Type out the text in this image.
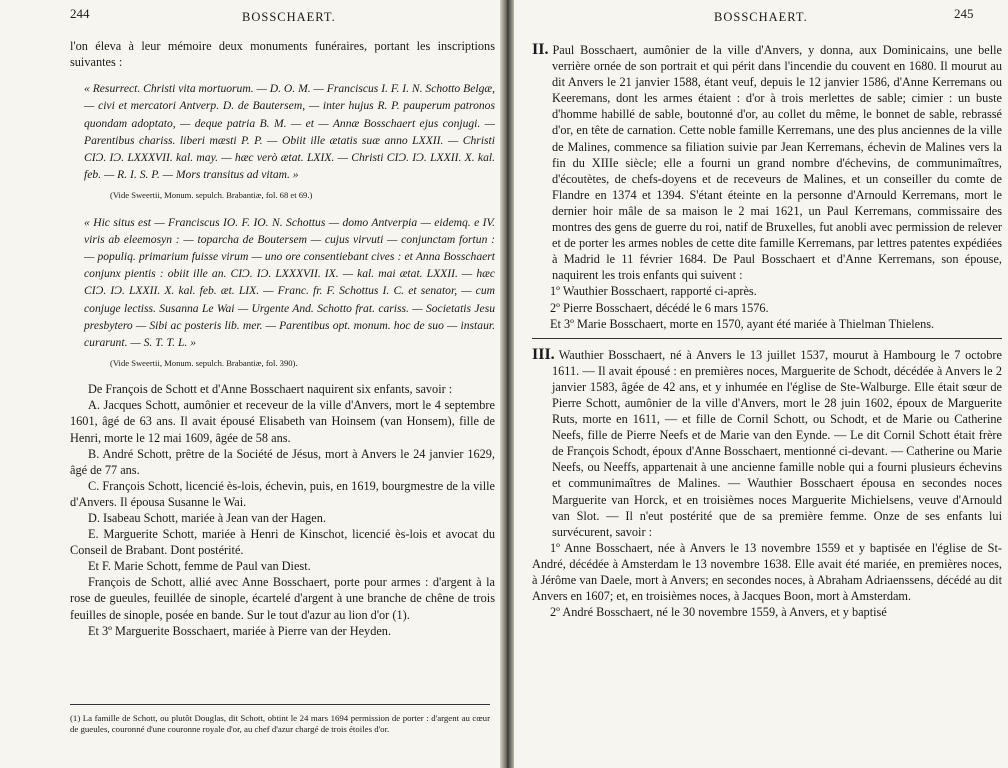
244	BOSSCHAERT.

l'on éleva à leur mémoire deux monuments funéraires, portant les inscriptions suivantes :

« Resurrect. Christi vita mortuorum. — D. O. M. — Franciscus I. F. I. N. Schotto Belgæ, — civi et mercatori Antverp. D. de Bautersem, — inter hujus R. P. pauperum patronos quondam adoptato, — deque patria B. M. — et — Annæ Bosschaert ejus conjugi. — Parentibus chariss. liberi mæsti P. P. — Obiit ille ætatis suæ anno LXXII. — Christi CIƆ. IƆ. LXXXVII. kal. may. — hæc verò ætat. LXIX. — Christi CIƆ. IƆ. LXXII. X. kal. feb. — R. I. S. P. — Mors transitus ad vitam. »

(Vide Sweertii, Monum. sepulch. Brabantiæ, fol. 68 et 69.)

« Hic situs est — Franciscus IO. F. IO. N. Schottus — domo Antverpia — eidemq. e IV. viris ab eleemosyn : — toparcha de Boutersem — cujus virvuti — conjunctam fortun : — populiq. primarium fuisse virum — uno ore consentiebant cives : et Anna Bosschaert conjunx pientis : obiit ille an. CIƆ. IƆ. LXXXVII. IX. — kal. mai ætat. LXXII. — hæc CIƆ. IƆ. LXXII. X. kal. feb. æt. LIX. — Franc. fr. F. Schottus I. C. et senator, — cum conjuge lectiss. Susanna Le Wai — Urgente And. Schotto frat. cariss. — Societatis Jesu presbytero — Sibi ac posteris lib. mer. — Parentibus opt. monum. hoc de suo — instaur. curarunt. — S. T. T. L. »

(Vide Sweertii, Monum. sepulch. Brabantiæ, fol. 390).

De François de Schott et d'Anne Bosschaert naquirent six enfants, savoir :

A. Jacques Schott, aumônier et receveur de la ville d'Anvers, mort le 4 septembre 1601, âgé de 63 ans. Il avait épousé Elisabeth van Hoinsem (van Honsem), fille de Henri, morte le 12 mai 1609, âgée de 58 ans.

B. André Schott, prêtre de la Société de Jésus, mort à Anvers le 24 janvier 1629, âgé de 77 ans.

C. François Schott, licencié ès-lois, échevin, puis, en 1619, bourgmestre de la ville d'Anvers. Il épousa Susanne le Wai.

D. Isabeau Schott, mariée à Jean van der Hagen.

E. Marguerite Schott, mariée à Henri de Kinschot, licencié ès-lois et avocat du Conseil de Brabant. Dont postérité.

Et F. Marie Schott, femme de Paul van Diest.

François de Schott, allié avec Anne Bosschaert, porte pour armes : d'argent à la rose de gueules, feuillée de sinople, écartelé d'argent à une branche de chêne de trois feuilles de sinople, posée en bande. Sur le tout d'azur au lion d'or (1).

Et 3º Marguerite Bosschaert, mariée à Pierre van der Heyden.

(1) La famille de Schott, ou plutôt Douglas, dit Schott, obtint le 24 mars 1694 permission de porter : d'argent au cœur de gueules, couronné d'une couronne royale d'or, au chef d'azur chargé de trois étoiles d'or.

BOSSCHAERT.	245

II. Paul Bosschaert, aumônier de la ville d'Anvers, y donna, aux Dominicains, une belle verrière ornée de son portrait et qui périt dans l'incendie du couvent en 1680. Il mourut au dit Anvers le 21 janvier 1588, étant veuf, depuis le 12 janvier 1586, d'Anne Kerremans ou Keeremans, dont les armes étaient : d'or à trois merlettes de sable; cimier : un buste d'homme habillé de sable, boutonné d'or, au collet du même, le bonnet de sable, rebrassé d'or, en tête de carnation. Cette noble famille Kerremans, une des plus anciennes de la ville de Malines, commence sa filiation suivie par Jean Kerremans, échevin de Malines vers la fin du XIIIe siècle; elle a fourni un grand nombre d'échevins, de communimaîtres, d'écoutètes, de chefs-doyens et de receveurs de Malines, et un conseiller du comte de Flandre en 1374 et 1394. S'étant éteinte en la personne d'Arnould Kerremans, mort le dernier hoir mâle de sa maison le 2 mai 1621, un Paul Kerremans, commissaire des montres des gens de guerre du roi, natif de Bruxelles, fut anobli avec permission de relever et de porter les armes nobles de cette dite famille Kerremans, par lettres patentes expédiées à Madrid le 11 février 1684. De Paul Bosschaert et d'Anne Kerremans, son épouse, naquirent les trois enfants qui suivent :

1º Wauthier Bosschaert, rapporté ci-après.

2º Pierre Bosschaert, décédé le 6 mars 1576.

Et 3º Marie Bosschaert, morte en 1570, ayant été mariée à Thielman Thielens.

III. Wauthier Bosschaert, né à Anvers le 13 juillet 1537, mourut à Hambourg le 7 octobre 1611. — Il avait épousé : en premières noces, Marguerite de Schodt, décédée à Anvers le 2 janvier 1583, âgée de 42 ans, et y inhumée en l'église de Ste-Walburge. Elle était sœur de Pierre Schott, aumônier de la ville d'Anvers, mort le 28 juin 1602, époux de Marguerite Ruts, morte en 1611, — et fille de Cornil Schott, ou Schodt, et de Marie ou Catherine Neefs, fille de Pierre Neefs et de Marie van den Eynde. — Le dit Cornil Schott était frère de François Schodt, époux d'Anne Bosschaert, mentionné ci-devant. — Catherine ou Marie Neefs, ou Neeffs, appartenait à une ancienne famille noble qui a fourni plusieurs échevins et communimaîtres de Malines. — Wauthier Bosschaert épousa en secondes noces Marguerite van Horck, et en troisièmes noces Marguerite Michielsens, veuve d'Arnould van Slot. — Il n'eut postérité que de sa première femme. Onze de ses enfants lui survécurent, savoir :

1º Anne Bosschaert, née à Anvers le 13 novembre 1559 et y baptisée en l'église de St-André, décédée à Amsterdam le 13 novembre 1638. Elle avait été mariée, en premières noces, à Jérôme van Daele, mort à Anvers; en secondes noces, à Abraham Adriaenssens, décédé au dit Anvers en 1607; et, en troisièmes noces, à Jacques Boon, mort à Amsterdam.

2º André Bosschaert, né le 30 novembre 1559, à Anvers, et y baptisé
